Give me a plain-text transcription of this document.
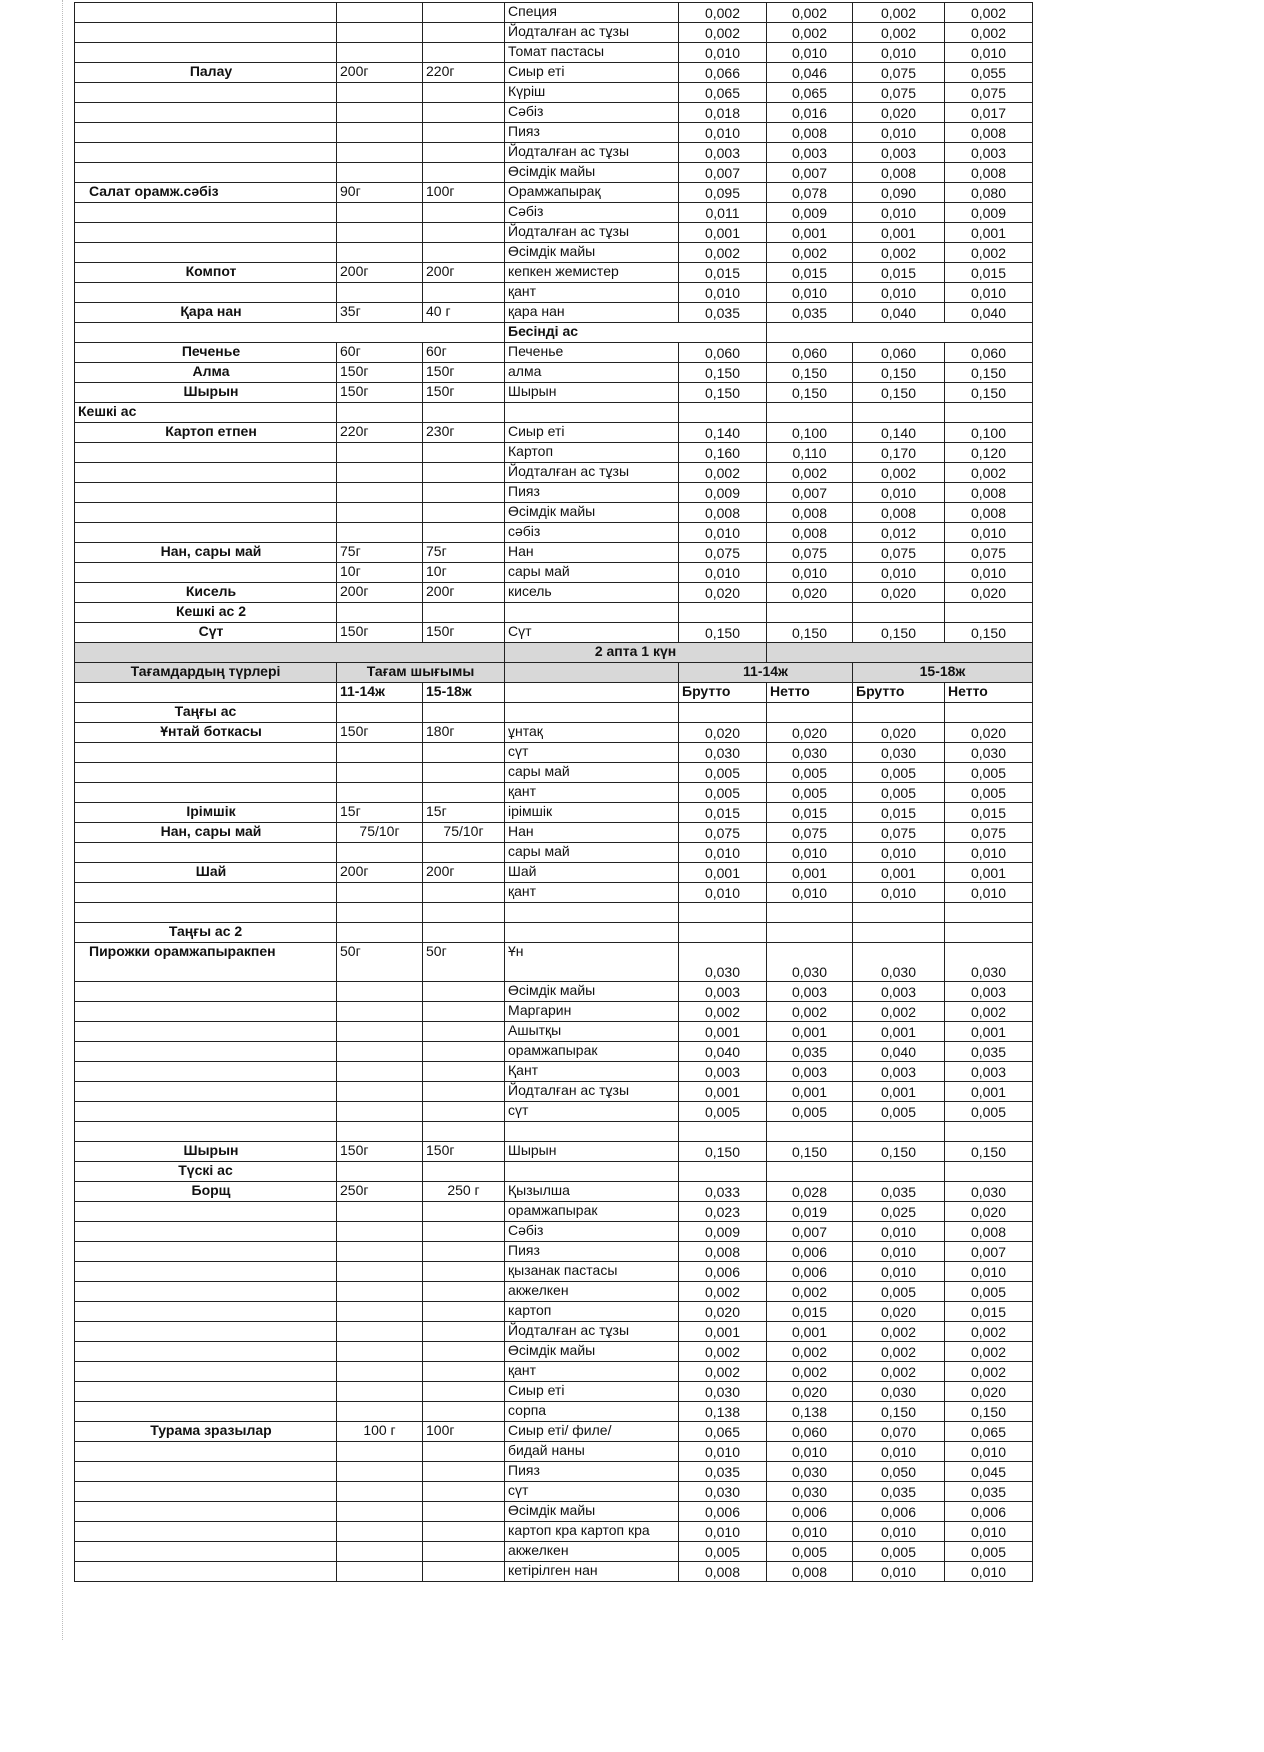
			Специя	0,002	0,002	0,002	0,002
			Йодталған ас тұзы	0,002	0,002	0,002	0,002
			Томат пастасы	0,010	0,010	0,010	0,010
Палау	200г	220г	Сиыр еті	0,066	0,046	0,075	0,055
			Күріш	0,065	0,065	0,075	0,075
			Сәбіз	0,018	0,016	0,020	0,017
			Пияз	0,010	0,008	0,010	0,008
			Йодталған ас тұзы	0,003	0,003	0,003	0,003
			Өсімдік майы	0,007	0,007	0,008	0,008
Салат орамж.сәбіз	90г	100г	Орамжапырақ	0,095	0,078	0,090	0,080
			Сәбіз	0,011	0,009	0,010	0,009
			Йодталған ас тұзы	0,001	0,001	0,001	0,001
			Өсімдік майы	0,002	0,002	0,002	0,002
Компот	200г	200г	кепкен жемистер	0,015	0,015	0,015	0,015
			қант	0,010	0,010	0,010	0,010
Қара нан	35г	40 г	қара нан	0,035	0,035	0,040	0,040
			Бесінді ас				
Печенье	60г	60г	Печенье	0,060	0,060	0,060	0,060
Алма	150г	150г	алма	0,150	0,150	0,150	0,150
Шырын	150г	150г	Шырын	0,150	0,150	0,150	0,150
Кешкі ас							
Картоп етпен	220г	230г	Сиыр еті	0,140	0,100	0,140	0,100
			Картоп	0,160	0,110	0,170	0,120
			Йодталған ас тұзы	0,002	0,002	0,002	0,002
			Пияз	0,009	0,007	0,010	0,008
			Өсімдік майы	0,008	0,008	0,008	0,008
			сәбіз	0,010	0,008	0,012	0,010
Нан, сары май	75г	75г	Нан	0,075	0,075	0,075	0,075
	10г	10г	сары май	0,010	0,010	0,010	0,010
Кисель	200г	200г	кисель	0,020	0,020	0,020	0,020
Кешкі ас 2							
Сүт	150г	150г	Сүт	0,150	0,150	0,150	0,150
			2 апта 1 күн				
Тағамдардың түрлері	Тағам шығымы			11-14ж		15-18ж	
	11-14ж	15-18ж		Брутто	Нетто	Брутто	Нетто
Таңғы ас							
Ұнтай боткасы	150г	180г	ұнтақ	0,020	0,020	0,020	0,020
			сүт	0,030	0,030	0,030	0,030
			сары май	0,005	0,005	0,005	0,005
			қант	0,005	0,005	0,005	0,005
Ірімшік	15г	15г	ірімшік	0,015	0,015	0,015	0,015
Нан, сары май	75/10г	75/10г	Нан	0,075	0,075	0,075	0,075
			сары май	0,010	0,010	0,010	0,010
Шай	200г	200г	Шай	0,001	0,001	0,001	0,001
			қант	0,010	0,010	0,010	0,010

Таңғы ас 2							
Пирожки орамжапыракпен	50г	50г	Ұн	0,030	0,030	0,030	0,030
			Өсімдік майы	0,003	0,003	0,003	0,003
			Маргарин	0,002	0,002	0,002	0,002
			Ашытқы	0,001	0,001	0,001	0,001
			орамжапырак	0,040	0,035	0,040	0,035
			Қант	0,003	0,003	0,003	0,003
			Йодталған ас тұзы	0,001	0,001	0,001	0,001
			сүт	0,005	0,005	0,005	0,005

Шырын	150г	150г	Шырын	0,150	0,150	0,150	0,150
Түскі ас							
Борщ	250г	250 г	Қызылша	0,033	0,028	0,035	0,030
			орамжапырак	0,023	0,019	0,025	0,020
			Сәбіз	0,009	0,007	0,010	0,008
			Пияз	0,008	0,006	0,010	0,007
			қызанак пастасы	0,006	0,006	0,010	0,010
			акжелкен	0,002	0,002	0,005	0,005
			картоп	0,020	0,015	0,020	0,015
			Йодталған ас тұзы	0,001	0,001	0,002	0,002
			Өсімдік майы	0,002	0,002	0,002	0,002
			қант	0,002	0,002	0,002	0,002
			Сиыр еті	0,030	0,020	0,030	0,020
			сорпа	0,138	0,138	0,150	0,150
Турама зразылар	100 г	100г	Сиыр еті/ филе/	0,065	0,060	0,070	0,065
			бидай наны	0,010	0,010	0,010	0,010
			Пияз	0,035	0,030	0,050	0,045
			сүт	0,030	0,030	0,035	0,035
			Өсімдік майы	0,006	0,006	0,006	0,006
			картоп кра картоп кра	0,010	0,010	0,010	0,010
			акжелкен	0,005	0,005	0,005	0,005
			кетірілген нан	0,008	0,008	0,010	0,010
